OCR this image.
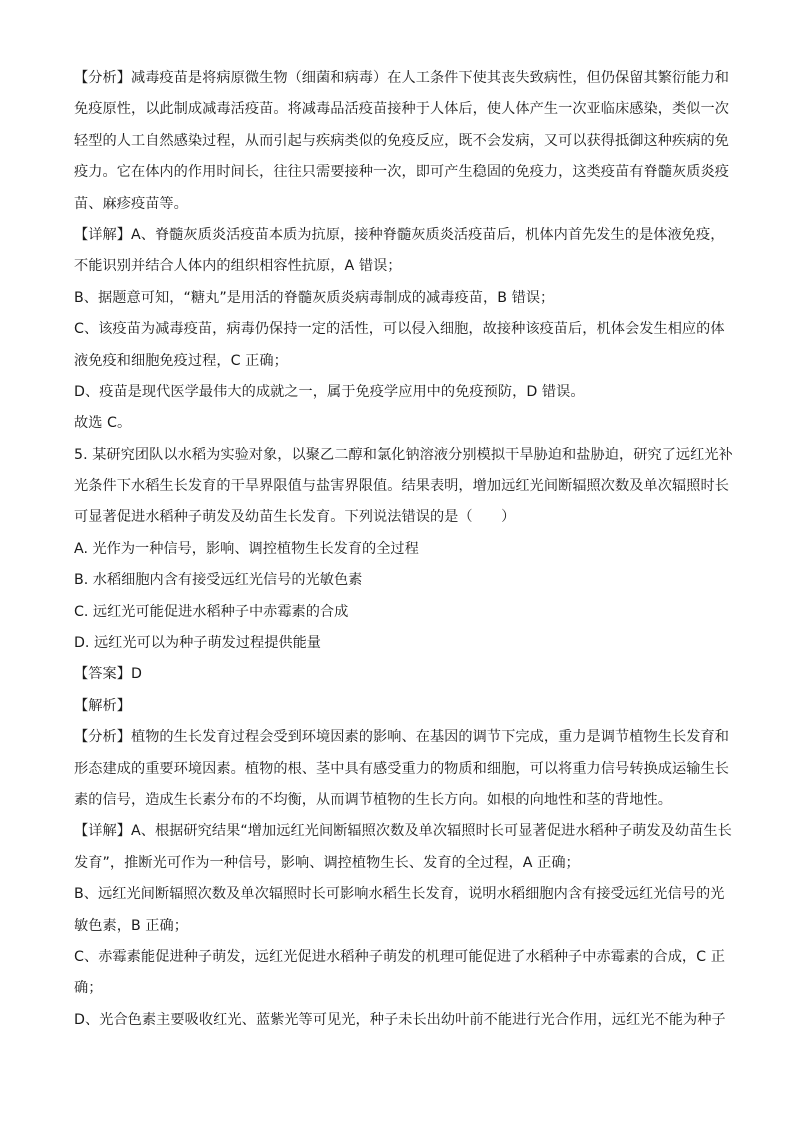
【分析】减毒疫苗是将病原微生物（细菌和病毒）在人工条件下使其丧失致病性，但仍保留其繁衍能力和
免疫原性，以此制成减毒活疫苗。将减毒品活疫苗接种于人体后，使人体产生一次亚临床感染，类似一次
轻型的人工自然感染过程，从而引起与疾病类似的免疫反应，既不会发病，又可以获得抵御这种疾病的免
疫力。它在体内的作用时间长，往往只需要接种一次，即可产生稳固的免疫力，这类疫苗有脊髓灰质炎疫
苗、麻疹疫苗等。
【详解】A、脊髓灰质炎活疫苗本质为抗原，接种脊髓灰质炎活疫苗后，机体内首先发生的是体液免疫，
不能识别并结合人体内的组织相容性抗原，A 错误；
B、据题意可知，“糖丸”是用活的脊髓灰质炎病毒制成的减毒疫苗，B 错误；
C、该疫苗为减毒疫苗，病毒仍保持一定的活性，可以侵入细胞，故接种该疫苗后，机体会发生相应的体
液免疫和细胞免疫过程，C 正确；
D、疫苗是现代医学最伟大的成就之一，属于免疫学应用中的免疫预防，D 错误。
故选 C。
5. 某研究团队以水稻为实验对象，以聚乙二醇和氯化钠溶液分别模拟干旱胁迫和盐胁迫，研究了远红光补
光条件下水稻生长发育的干旱界限值与盐害界限值。结果表明，增加远红光间断辐照次数及单次辐照时长
可显著促进水稻种子萌发及幼苗生长发育。下列说法错误的是（　　）
A. 光作为一种信号，影响、调控植物生长发育的全过程
B. 水稻细胞内含有接受远红光信号的光敏色素
C. 远红光可能促进水稻种子中赤霉素的合成
D. 远红光可以为种子萌发过程提供能量
【答案】D
【解析】
【分析】植物的生长发育过程会受到环境因素的影响、在基因的调节下完成，重力是调节植物生长发育和
形态建成的重要环境因素。植物的根、茎中具有感受重力的物质和细胞，可以将重力信号转换成运输生长
素的信号，造成生长素分布的不均衡，从而调节植物的生长方向。如根的向地性和茎的背地性。
【详解】A、根据研究结果“增加远红光间断辐照次数及单次辐照时长可显著促进水稻种子萌发及幼苗生长
发育”，推断光可作为一种信号，影响、调控植物生长、发育的全过程，A 正确；
B、远红光间断辐照次数及单次辐照时长可影响水稻生长发育，说明水稻细胞内含有接受远红光信号的光
敏色素，B 正确；
C、赤霉素能促进种子萌发，远红光促进水稻种子萌发的机理可能促进了水稻种子中赤霉素的合成，C 正
确；
D、光合色素主要吸收红光、蓝紫光等可见光，种子未长出幼叶前不能进行光合作用，远红光不能为种子
